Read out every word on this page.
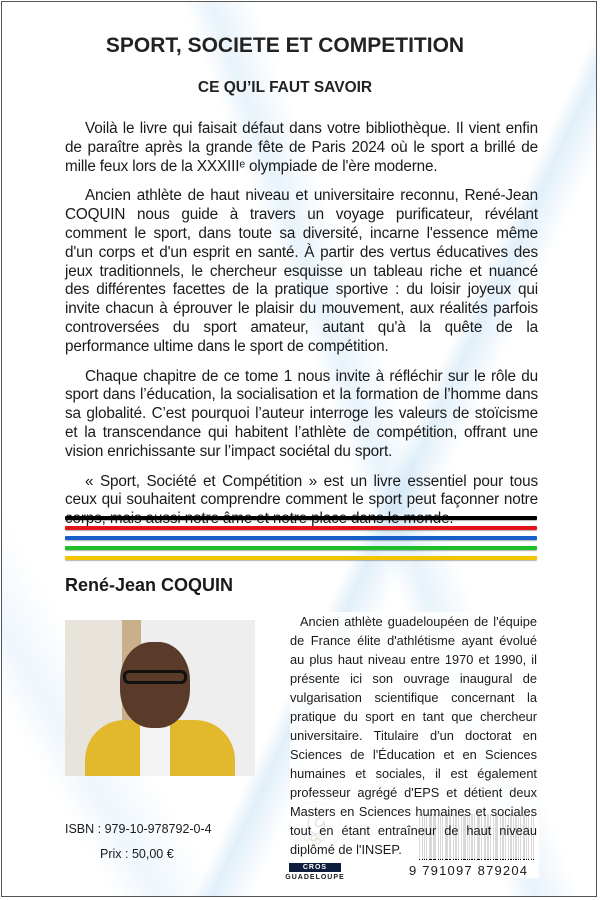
SPORT, SOCIETE ET COMPETITION
CE QU’IL FAUT SAVOIR

Voilà le livre qui faisait défaut dans votre bibliothèque. Il vient enfin de paraître après la grande fête de Paris 2024 où le sport a brillé de mille feux lors de la XXXIIIᵉ olympiade de l'ère moderne.

Ancien athlète de haut niveau et universitaire reconnu, René-Jean COQUIN nous guide à travers un voyage purificateur, révélant comment le sport, dans toute sa diversité, incarne l'essence même d'un corps et d'un esprit en santé. À partir des vertus éducatives des jeux traditionnels, le chercheur esquisse un tableau riche et nuancé des différentes facettes de la pratique sportive : du loisir joyeux qui invite chacun à éprouver le plaisir du mouvement, aux réalités parfois controversées du sport amateur, autant qu'à la quête de la performance ultime dans le sport de compétition.

Chaque chapitre de ce tome 1 nous invite à réfléchir sur le rôle du sport dans l’éducation, la socialisation et la formation de l’homme dans sa globalité. C’est pourquoi l’auteur interroge les valeurs de stoïcisme et la transcendance qui habitent l’athlète de compétition, offrant une vision enrichissante sur l’impact sociétal du sport.

« Sport, Société et Compétition » est un livre essentiel pour tous ceux qui souhaitent comprendre comment le sport peut façonner notre

René-Jean COQUIN
Ancien athlète guadeloupéen de l'équipe de France élite d'athlétisme ayant évolué au plus haut niveau entre 1970 et 1990, il présente ici son ouvrage inaugural de vulgarisation scientifique concernant la pratique du sport en tant que chercheur universitaire. Titulaire d'un doctorat en Sciences de l'Éducation et en Sciences humaines et sociales, il est également professeur agrégé d'EPS et détient deux Masters en Sciences humaines et sociales tout en étant entraîneur de haut niveau diplômé de l'INSEP.
ISBN : 979-10-978792-0-4
Prix : 50,00 €
CROS
GUADELOUPE	9 791097 879204
